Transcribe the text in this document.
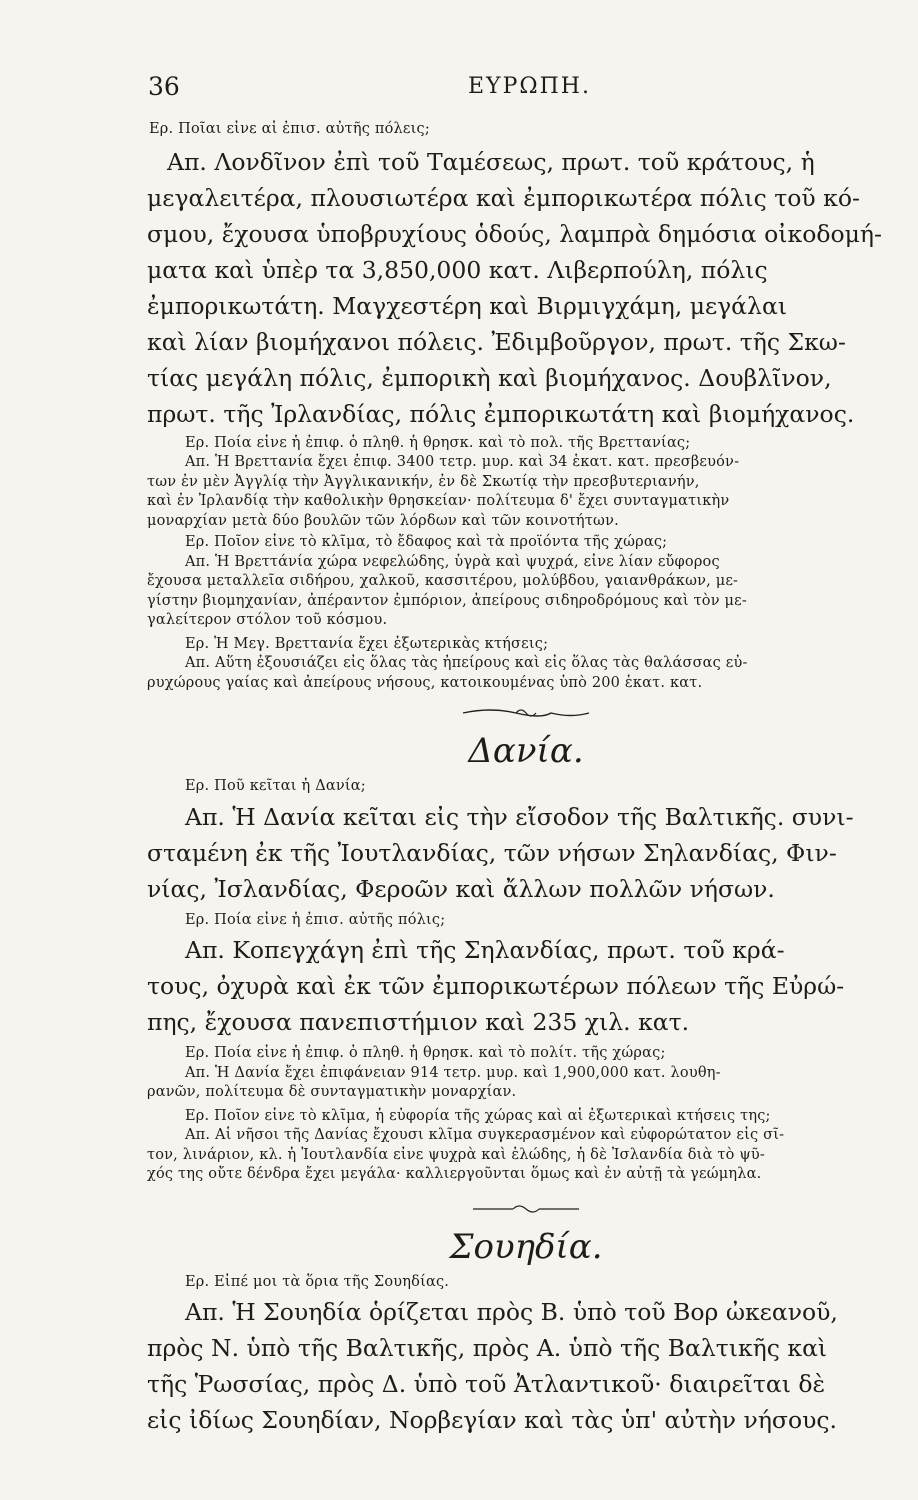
36	ΕΥΡΩΠΗ.
Ερ. Ποῖαι εἶνε αἱ ἐπισ. αὐτῆς πόλεις;
Απ. Λονδῖνον ἐπὶ τοῦ Ταμέσεως, πρωτ. τοῦ κράτους, ἡ
μεγαλειτέρα, πλουσιωτέρα καὶ ἐμπορικωτέρα πόλις τοῦ κό-
σμου, ἔχουσα ὑποβρυχίους ὁδούς, λαμπρὰ δημόσια οἰκοδομή-
ματα καὶ ὑπὲρ τα 3,850,000 κατ. Λιβερπούλη, πόλις
ἐμπορικωτάτη. Μαγχεστέρη καὶ Βιρμιγχάμη, μεγάλαι
καὶ λίαν βιομήχανοι πόλεις. Ἐδιμβοῦργον, πρωτ. τῆς Σκω-
τίας μεγάλη πόλις, ἐμπορικὴ καὶ βιομήχανος. Δουβλῖνον,
πρωτ. τῆς Ἰρλανδίας, πόλις ἐμπορικωτάτη καὶ βιομήχανος.
Ερ. Ποία εἶνε ἡ ἐπιφ. ὁ πληθ. ἡ θρησκ. καὶ τὸ πολ. τῆς Βρεττανίας;
Απ. Ἡ Βρεττανία ἔχει ἐπιφ. 3400 τετρ. μυρ. καὶ 34 ἑκατ. κατ. πρεσβευόν-
των ἐν μὲν Ἀγγλίᾳ τὴν Ἀγγλικανικήν, ἐν δὲ Σκωτίᾳ τὴν πρεσβυτεριανήν,
καὶ ἐν Ἰρλανδίᾳ τὴν καθολικὴν θρησκείαν· πολίτευμα δ' ἔχει συνταγματικὴν
μοναρχίαν μετὰ δύο βουλῶν τῶν λόρδων καὶ τῶν κοινοτήτων.
Ερ. Ποῖον εἶνε τὸ κλῖμα, τὸ ἔδαφος καὶ τὰ προϊόντα τῆς χώρας;
Απ. Ἡ Βρεττάνία χώρα νεφελώδης, ὑγρὰ καὶ ψυχρά, εἶνε λίαν εὔφορος
ἔχουσα μεταλλεῖα σιδήρου, χαλκοῦ, κασσιτέρου, μολύβδου, γαιανθράκων, με-
γίστην βιομηχανίαν, ἀπέραντον ἐμπόριον, ἀπείρους σιδηροδρόμους καὶ τὸν με-
γαλείτερον στόλον τοῦ κόσμου.
Ερ. Ἡ Μεγ. Βρεττανία ἔχει ἐξωτερικὰς κτήσεις;
Απ. Αὕτη ἐξουσιάζει εἰς ὅλας τὰς ἠπείρους καὶ εἰς ὅλας τὰς θαλάσσας εὐ-
ρυχώρους γαίας καὶ ἀπείρους νήσους, κατοικουμένας ὑπὸ 200 ἑκατ. κατ.
Δανία.
Ερ. Ποῦ κεῖται ἡ Δανία;
Απ. Ἡ Δανία κεῖται εἰς τὴν εἴσοδον τῆς Βαλτικῆς. συνι-
σταμένη ἐκ τῆς Ἰουτλανδίας, τῶν νήσων Σηλανδίας, Φιν-
νίας, Ἰσλανδίας, Φεροῶν καὶ ἄλλων πολλῶν νήσων.
Ερ. Ποία εἶνε ἡ ἐπισ. αὐτῆς πόλις;
Απ. Κοπεγχάγη ἐπὶ τῆς Σηλανδίας, πρωτ. τοῦ κρά-
τους, ὀχυρὰ καὶ ἐκ τῶν ἐμπορικωτέρων πόλεων τῆς Εὐρώ-
πης, ἔχουσα πανεπιστήμιον καὶ 235 χιλ. κατ.
Ερ. Ποία εἶνε ἡ ἐπιφ. ὁ πληθ. ἡ θρησκ. καὶ τὸ πολίτ. τῆς χώρας;
Απ. Ἡ Δανία ἔχει ἐπιφάνειαν 914 τετρ. μυρ. καὶ 1,900,000 κατ. λουθη-
ρανῶν, πολίτευμα δὲ συνταγματικὴν μοναρχίαν.
Ερ. Ποῖον εἶνε τὸ κλῖμα, ἡ εὐφορία τῆς χώρας καὶ αἱ ἐξωτερικαὶ κτήσεις της;
Απ. Αἱ νῆσοι τῆς Δανίας ἔχουσι κλῖμα συγκερασμένον καὶ εὐφορώτατον εἰς σῖ-
τον, λινάριον, κλ. ἡ Ἰουτλανδία εἶνε ψυχρὰ καὶ ἑλώδης, ἡ δὲ Ἰσλανδία διὰ τὸ ψῦ-
χός της οὔτε δένδρα ἔχει μεγάλα· καλλιεργοῦνται ὅμως καὶ ἐν αὐτῇ τὰ γεώμηλα.
Σουηδία.
Ερ. Εἰπέ μοι τὰ ὅρια τῆς Σουηδίας.
Απ. Ἡ Σουηδία ὁρίζεται πρὸς Β. ὑπὸ τοῦ Βορ ὠκεανοῦ,
πρὸς Ν. ὑπὸ τῆς Βαλτικῆς, πρὸς Α. ὑπὸ τῆς Βαλτικῆς καὶ
τῆς Ῥωσσίας, πρὸς Δ. ὑπὸ τοῦ Ἀτλαντικοῦ· διαιρεῖται δὲ
εἰς ἰδίως Σουηδίαν, Νορβεγίαν καὶ τὰς ὑπ' αὐτὴν νήσους.
